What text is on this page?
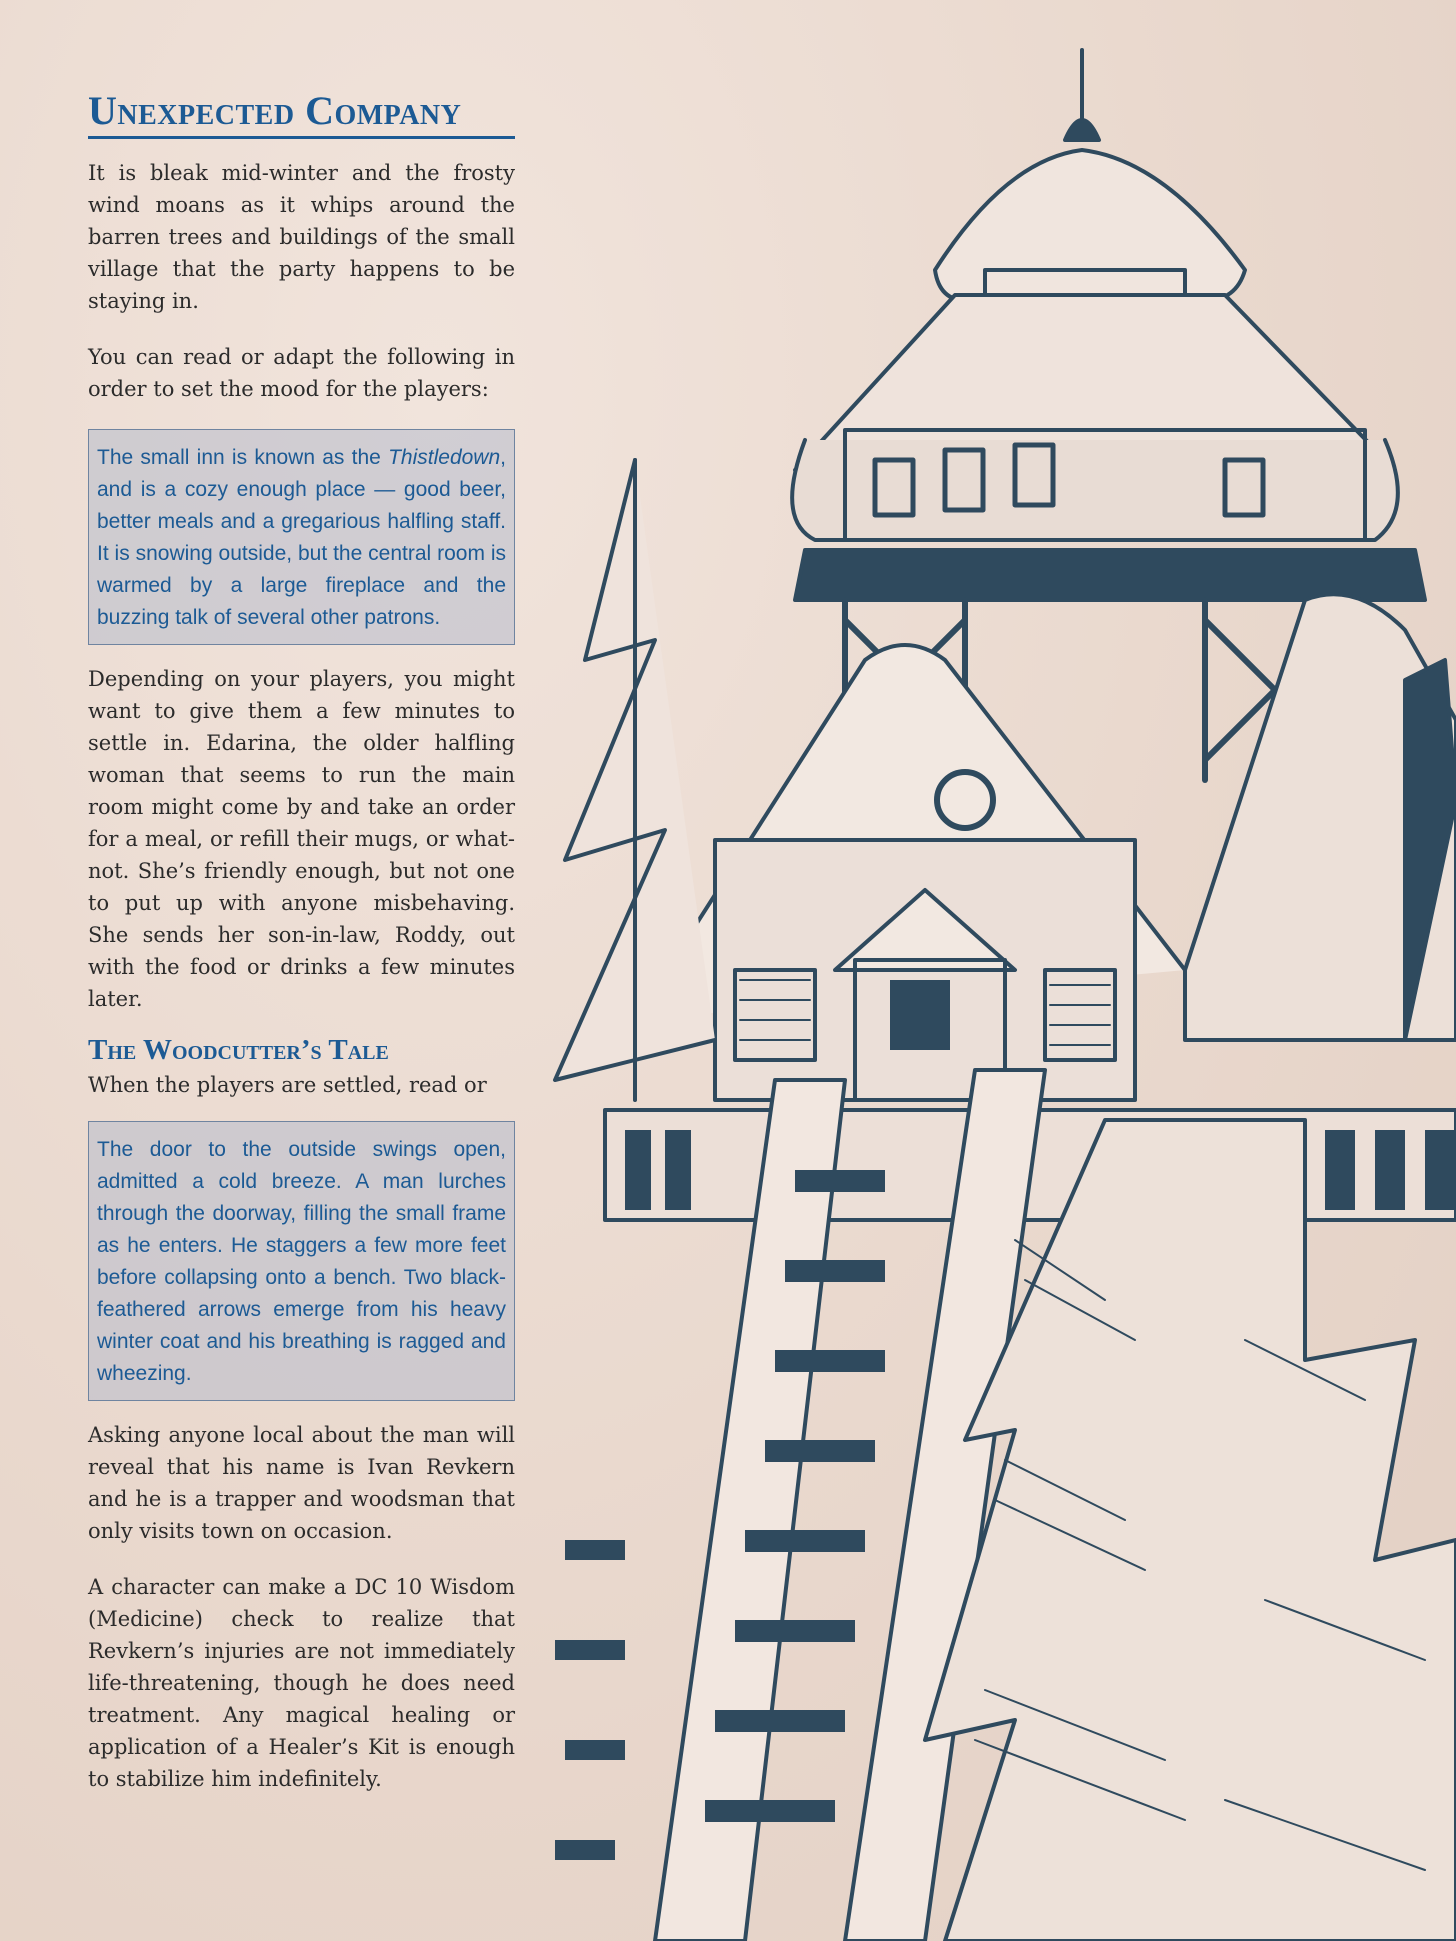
Unexpected Company

It is bleak mid-winter and the frosty wind moans as it whips around the barren trees and buildings of the small village that the party happens to be staying in.

You can read or adapt the following in order to set the mood for the players:

The small inn is known as the Thistledown, and is a cozy enough place — good beer, better meals and a gregarious halfling staff. It is snowing outside, but the central room is warmed by a large fireplace and the buzzing talk of several other patrons.

Depending on your players, you might want to give them a few minutes to settle in. Edarina, the older halfling woman that seems to run the main room might come by and take an order for a meal, or refill their mugs, or what-not. She’s friendly enough, but not one to put up with anyone misbehaving. She sends her son-in-law, Roddy, out with the food or drinks a few minutes later.

The Woodcutter’s Tale

When the players are settled, read or

The door to the outside swings open, admitted a cold breeze. A man lurches through the doorway, filling the small frame as he enters. He staggers a few more feet before collapsing onto a bench. Two black-feathered arrows emerge from his heavy winter coat and his breathing is ragged and wheezing.

Asking anyone local about the man will reveal that his name is Ivan Revkern and he is a trapper and woodsman that only visits town on occasion.

A character can make a DC 10 Wisdom (Medicine) check to realize that Revkern’s injuries are not immediately life-threatening, though he does need treatment. Any magical healing or application of a Healer’s Kit is enough to stabilize him indefinitely.
